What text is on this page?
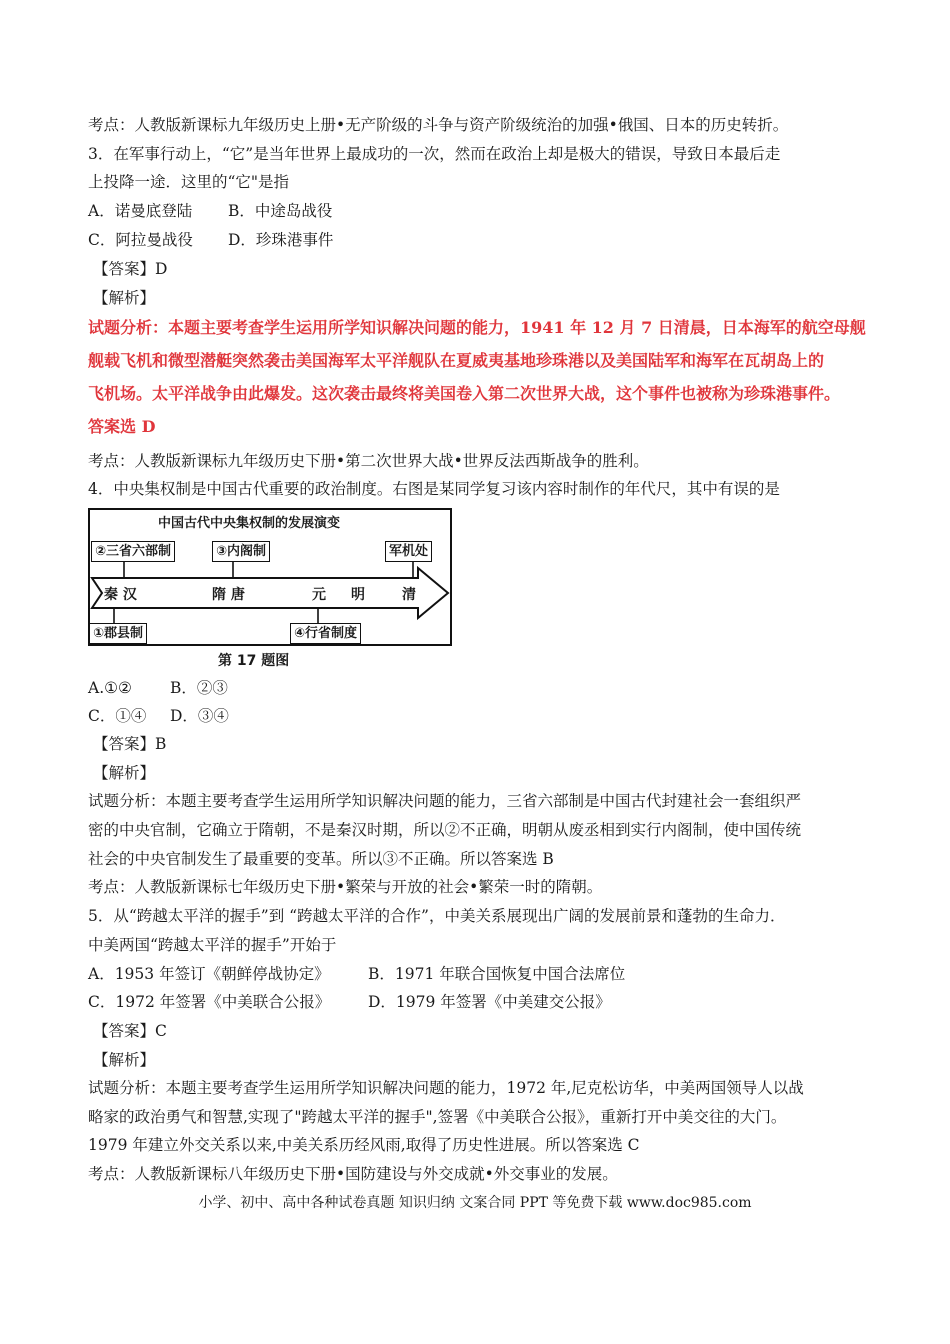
考点：人教版新课标九年级历史上册•无产阶级的斗争与资产阶级统治的加强•俄国、日本的历史转折。
3．在军事行动上，“它”是当年世界上最成功的一次，然而在政治上却是极大的错误，导致日本最后走
上投降一途．这里的“它"是指
A．诺曼底登陆 B．中途岛战役
C．阿拉曼战役 D．珍珠港事件
【答案】D
【解析】
试题分析：本题主要考查学生运用所学知识解决问题的能力，1941 年 12 月 7 日清晨，日本海军的航空母舰
舰载飞机和微型潜艇突然袭击美国海军太平洋舰队在夏威夷基地珍珠港以及美国陆军和海军在瓦胡岛上的
飞机场。太平洋战争由此爆发。这次袭击最终将美国卷入第二次世界大战，这个事件也被称为珍珠港事件。
答案选 D
考点：人教版新课标九年级历史下册•第二次世界大战•世界反法西斯战争的胜利。
4．中央集权制是中国古代重要的政治制度。右图是某同学复习该内容时制作的年代尺，其中有误的是
中国古代中央集权制的发展演变
②三省六部制	③内阁制	军机处
秦 汉	隋 唐	元 明	清
①郡县制	④行省制度
第 17 题图
A.①② B．②③
C．①④ D．③④
【答案】B
【解析】
试题分析：本题主要考查学生运用所学知识解决问题的能力，三省六部制是中国古代封建社会一套组织严
密的中央官制，它确立于隋朝，不是秦汉时期，所以②不正确，明朝从废丞相到实行内阁制，使中国传统
社会的中央官制发生了最重要的变革。所以③不正确。所以答案选 B
考点：人教版新课标七年级历史下册•繁荣与开放的社会•繁荣一时的隋朝。
5．从“跨越太平洋的握手”到 “跨越太平洋的合作”，中美关系展现出广阔的发展前景和蓬勃的生命力．
中美两国“跨越太平洋的握手”开始于
A．1953 年签订《朝鲜停战协定》 B．1971 年联合国恢复中国合法席位
C．1972 年签署《中美联合公报》 D．1979 年签署《中美建交公报》
【答案】C
【解析】
试题分析：本题主要考查学生运用所学知识解决问题的能力，1972 年,尼克松访华，中美两国领导人以战
略家的政治勇气和智慧,实现了"跨越太平洋的握手",签署《中美联合公报》，重新打开中美交往的大门。
1979 年建立外交关系以来,中美关系历经风雨,取得了历史性进展。所以答案选 C
考点：人教版新课标八年级历史下册•国防建设与外交成就•外交事业的发展。
小学、初中、高中各种试卷真题 知识归纳 文案合同 PPT 等免费下载 www.doc985.com
